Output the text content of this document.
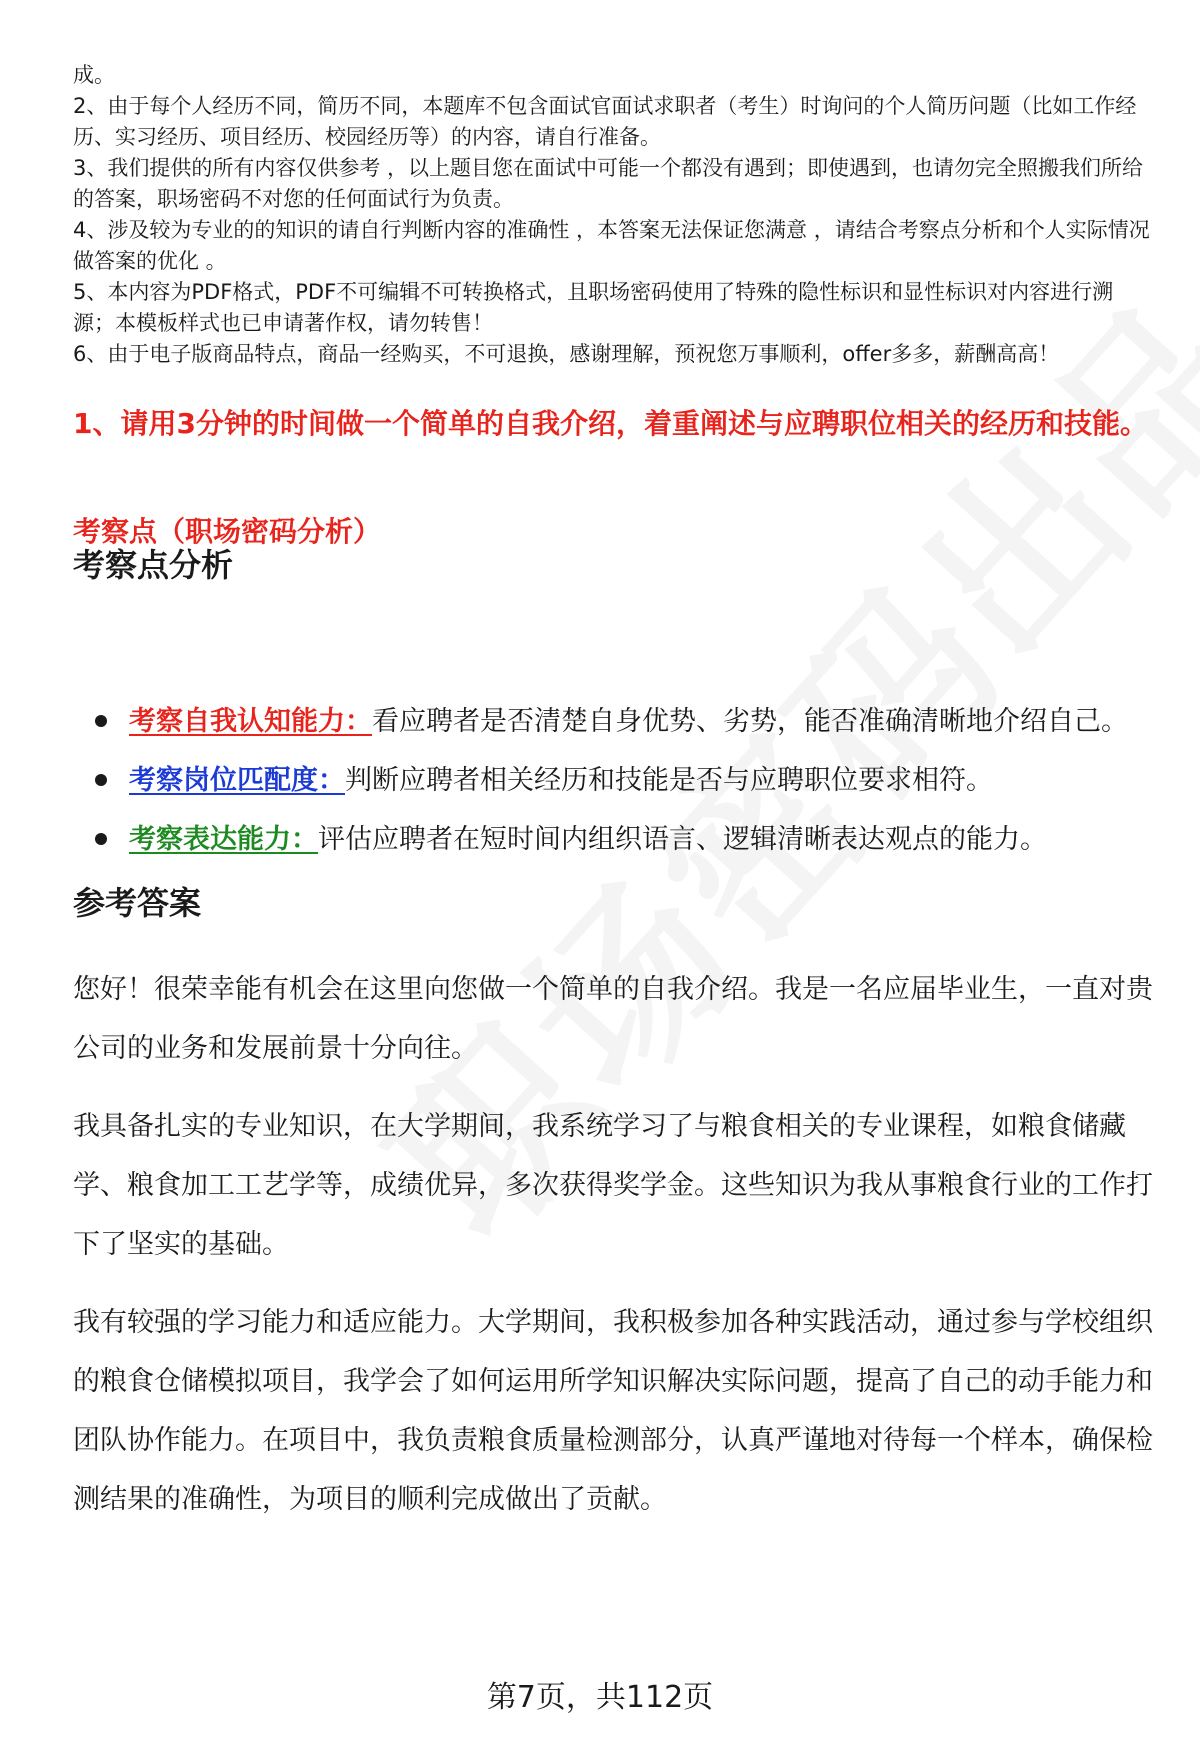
成。

2、由于每个人经历不同，简历不同，本题库不包含面试官面试求职者（考生）时询问的个人简历问题（比如工作经历、实习经历、项目经历、校园经历等）的内容，请自行准备。

3、我们提供的所有内容仅供参考 ，以上题目您在面试中可能一个都没有遇到；即使遇到，也请勿完全照搬我们所给的答案，职场密码不对您的任何面试行为负责。

4、涉及较为专业的的知识的请自行判断内容的准确性 ，本答案无法保证您满意 ，请结合考察点分析和个人实际情况做答案的优化 。

5、本内容为PDF格式，PDF不可编辑不可转换格式，且职场密码使用了特殊的隐性标识和显性标识对内容进行溯源；本模板样式也已申请著作权，请勿转售！

6、由于电子版商品特点，商品一经购买，不可退换，感谢理解，预祝您万事顺利，offer多多，薪酬高高！

1、请用3分钟的时间做一个简单的自我介绍，着重阐述与应聘职位相关的经历和技能。

考察点（职场密码分析）

考察点分析

考察自我认知能力：看应聘者是否清楚自身优势、劣势，能否准确清晰地介绍自己。
考察岗位匹配度：判断应聘者相关经历和技能是否与应聘职位要求相符。
考察表达能力：评估应聘者在短时间内组织语言、逻辑清晰表达观点的能力。

参考答案

您好！很荣幸能有机会在这里向您做一个简单的自我介绍。我是一名应届毕业生，一直对贵公司的业务和发展前景十分向往。

我具备扎实的专业知识，在大学期间，我系统学习了与粮食相关的专业课程，如粮食储藏学、粮食加工工艺学等，成绩优异，多次获得奖学金。这些知识为我从事粮食行业的工作打下了坚实的基础。

我有较强的学习能力和适应能力。大学期间，我积极参加各种实践活动，通过参与学校组织的粮食仓储模拟项目，我学会了如何运用所学知识解决实际问题，提高了自己的动手能力和团队协作能力。在项目中，我负责粮食质量检测部分，认真严谨地对待每一个样本，确保检测结果的准确性，为项目的顺利完成做出了贡献。

第7页，共112页
